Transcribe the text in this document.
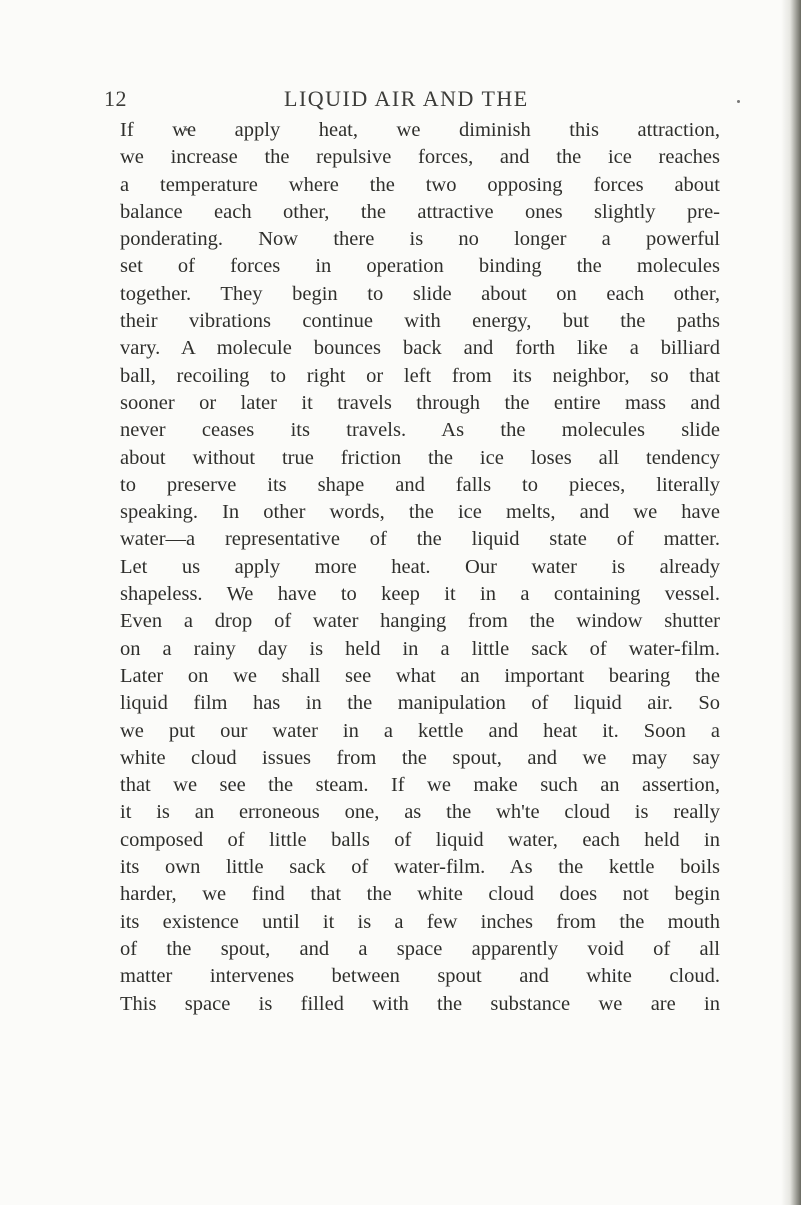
12	LIQUID AIR AND THE
If we apply heat, we diminish this attraction,
we increase the repulsive forces, and the ice reaches
a temperature where the two opposing forces about
balance each other, the attractive ones slightly pre-
ponderating. Now there is no longer a powerful
set of forces in operation binding the molecules
together. They begin to slide about on each other,
their vibrations continue with energy, but the paths
vary. A molecule bounces back and forth like a billiard
ball, recoiling to right or left from its neighbor, so that
sooner or later it travels through the entire mass and
never ceases its travels. As the molecules slide
about without true friction the ice loses all tendency
to preserve its shape and falls to pieces, literally
speaking. In other words, the ice melts, and we have
water—a representative of the liquid state of matter.
Let us apply more heat. Our water is already
shapeless. We have to keep it in a containing vessel.
Even a drop of water hanging from the window shutter
on a rainy day is held in a little sack of water-film.
Later on we shall see what an important bearing the
liquid film has in the manipulation of liquid air. So
we put our water in a kettle and heat it. Soon a
white cloud issues from the spout, and we may say
that we see the steam. If we make such an assertion,
it is an erroneous one, as the wh'te cloud is really
composed of little balls of liquid water, each held in
its own little sack of water-film. As the kettle boils
harder, we find that the white cloud does not begin
its existence until it is a few inches from the mouth
of the spout, and a space apparently void of all
matter intervenes between spout and white cloud.
This space is filled with the substance we are in
